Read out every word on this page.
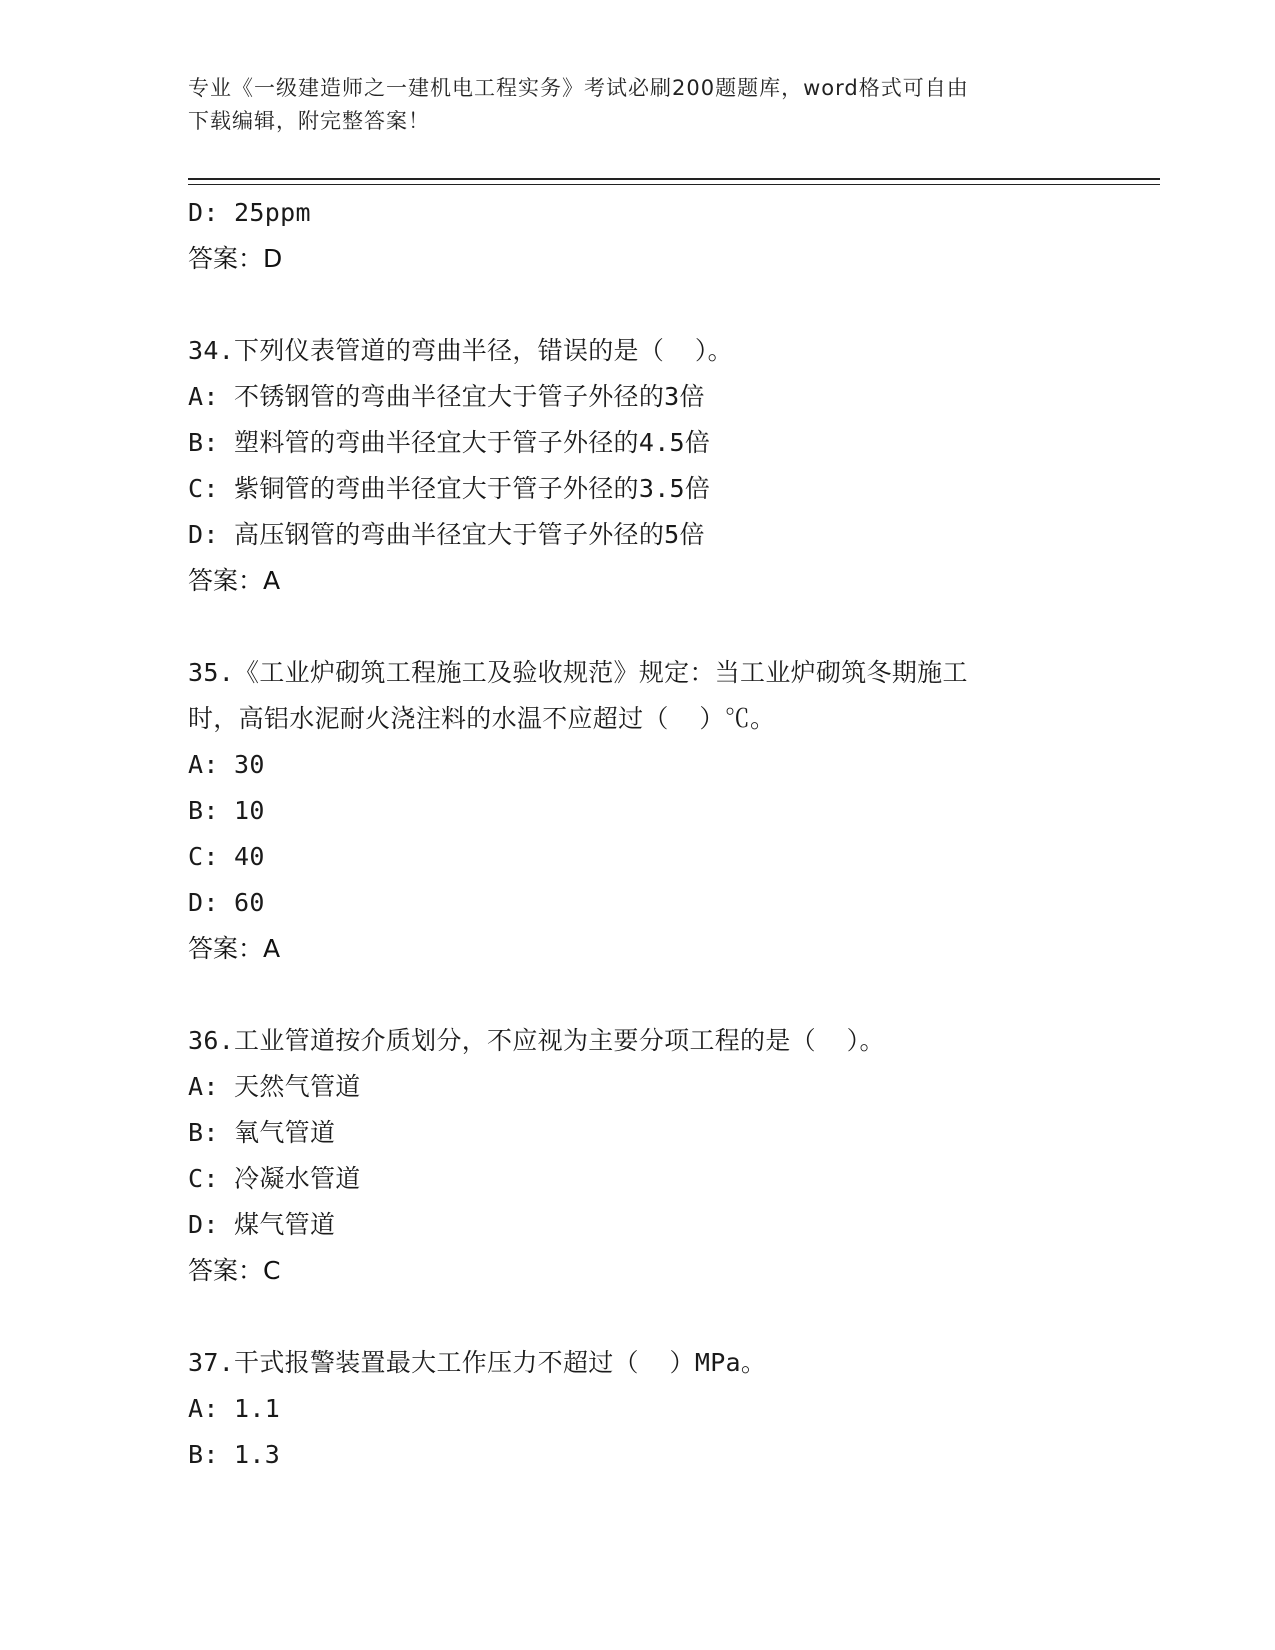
专业《一级建造师之一建机电工程实务》考试必刷200题题库，word格式可自由
下载编辑，附完整答案！
D: 25ppm
答案：D
34.下列仪表管道的弯曲半径，错误的是（  ）。
A: 不锈钢管的弯曲半径宜大于管子外径的3倍
B: 塑料管的弯曲半径宜大于管子外径的4.5倍
C: 紫铜管的弯曲半径宜大于管子外径的3.5倍
D: 高压钢管的弯曲半径宜大于管子外径的5倍
答案：A
35.《工业炉砌筑工程施工及验收规范》规定：当工业炉砌筑冬期施工
时，高铝水泥耐火浇注料的水温不应超过（  ）℃。
A: 30
B: 10
C: 40
D: 60
答案：A
36.工业管道按介质划分，不应视为主要分项工程的是（  ）。
A: 天然气管道
B: 氧气管道
C: 冷凝水管道
D: 煤气管道
答案：C
37.干式报警装置最大工作压力不超过（  ）MPa。
A: 1.1
B: 1.3
